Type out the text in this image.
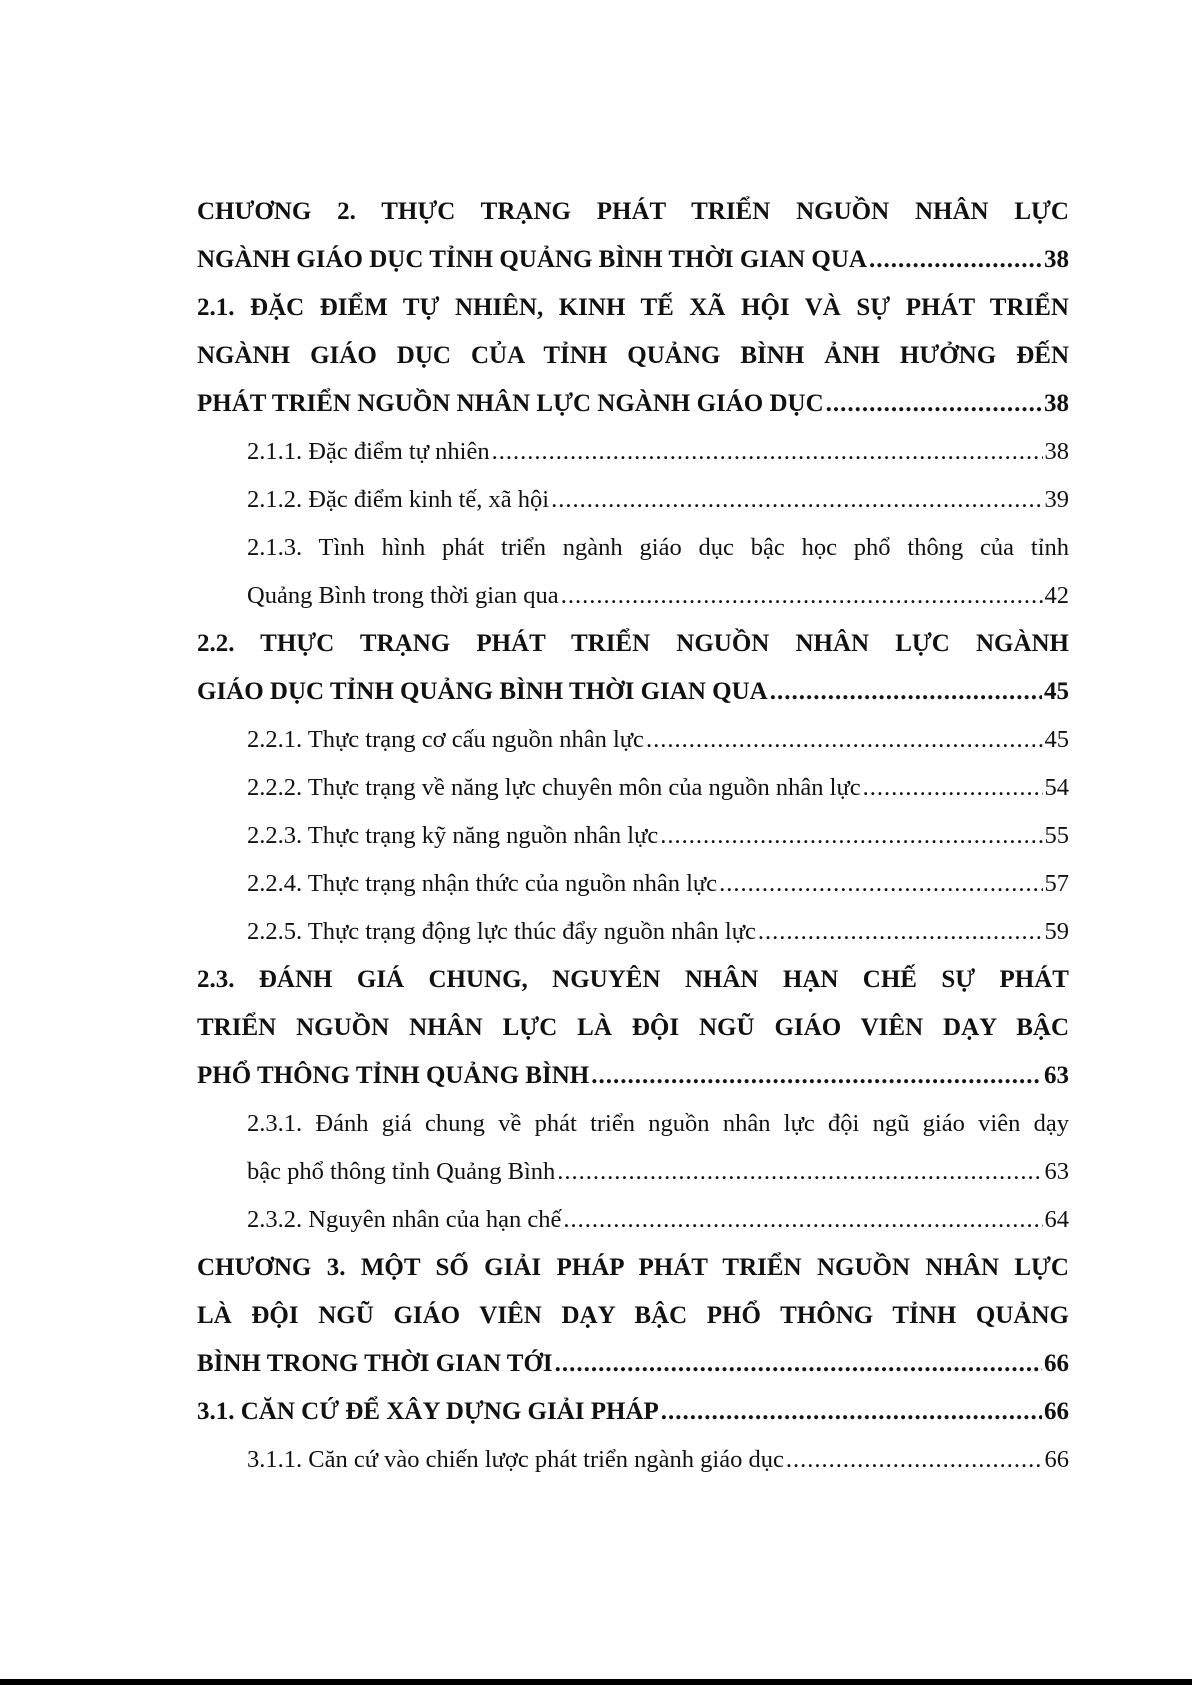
CHƯƠNG 2. THỰC TRẠNG PHÁT TRIỂN NGUỒN NHÂN LỰC
NGÀNH GIÁO DỤC TỈNH QUẢNG BÌNH THỜI GIAN QUA .....	38
2.1. ĐẶC ĐIỂM TỰ NHIÊN, KINH TẾ XÃ HỘI VÀ SỰ PHÁT TRIỂN
NGÀNH GIÁO DỤC CỦA TỈNH QUẢNG BÌNH ẢNH HƯỞNG ĐẾN
PHÁT TRIỂN NGUỒN NHÂN LỰC NGÀNH GIÁO DỤC .....	38
2.1.1. Đặc điểm tự nhiên .....	38
2.1.2. Đặc điểm kinh tế, xã hội .....	39
2.1.3. Tình hình phát triển ngành giáo dục bậc học phổ thông của tỉnh
Quảng Bình trong thời gian qua .....	42
2.2. THỰC TRẠNG PHÁT TRIỂN NGUỒN NHÂN LỰC NGÀNH
GIÁO DỤC TỈNH QUẢNG BÌNH THỜI GIAN QUA .....	45
2.2.1. Thực trạng cơ cấu nguồn nhân lực .....	45
2.2.2. Thực trạng về năng lực chuyên môn của nguồn nhân lực .....	54
2.2.3. Thực trạng kỹ năng nguồn nhân lực .....	55
2.2.4. Thực trạng nhận thức của nguồn nhân lực .....	57
2.2.5. Thực trạng động lực thúc đẩy nguồn nhân lực .....	59
2.3. ĐÁNH GIÁ CHUNG, NGUYÊN NHÂN HẠN CHẾ SỰ PHÁT
TRIỂN NGUỒN NHÂN LỰC LÀ ĐỘI NGŨ GIÁO VIÊN DẠY BẬC
PHỔ THÔNG TỈNH QUẢNG BÌNH .....	63
2.3.1. Đánh giá chung về phát triển nguồn nhân lực đội ngũ giáo viên dạy
bậc phổ thông tỉnh Quảng Bình .....	63
2.3.2. Nguyên nhân của hạn chế .....	64
CHƯƠNG 3. MỘT SỐ GIẢI PHÁP PHÁT TRIỂN NGUỒN NHÂN LỰC
LÀ ĐỘI NGŨ GIÁO VIÊN DẠY BẬC PHỔ THÔNG TỈNH QUẢNG
BÌNH TRONG THỜI GIAN TỚI .....	66
3.1. CĂN CỨ ĐỂ XÂY DỰNG GIẢI PHÁP .....	66
3.1.1. Căn cứ vào chiến lược phát triển ngành giáo dục .....	66
